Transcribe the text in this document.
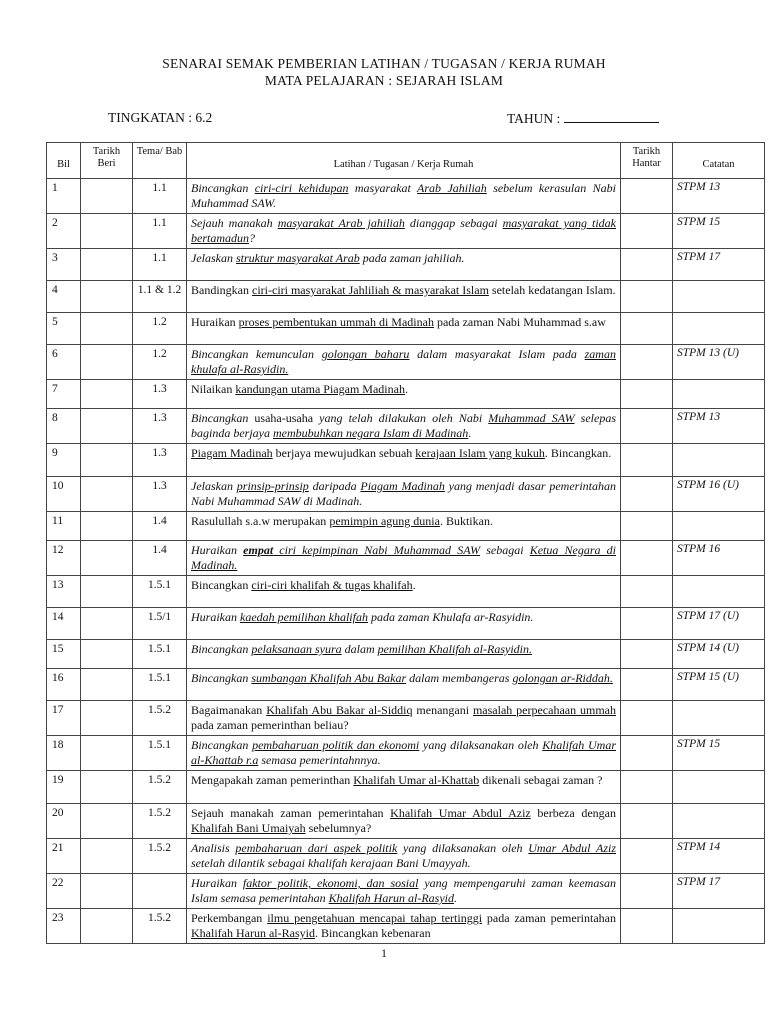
SENARAI SEMAK PEMBERIAN LATIHAN / TUGASAN / KERJA RUMAH
MATA PELAJARAN : SEJARAH ISLAM
TINGKATAN : 6.2	TAHUN :
Bil	Tarikh Beri	Tema/ Bab	Latihan / Tugasan / Kerja Rumah	Tarikh Hantar	Catatan
1		1.1	Bincangkan ciri-ciri kehidupan masyarakat Arab Jahiliah sebelum kerasulan Nabi Muhammad SAW.		STPM 13
2		1.1	Sejauh manakah masyarakat Arab jahiliah dianggap sebagai masyarakat yang tidak bertamadun?		STPM 15
3		1.1	Jelaskan struktur masyarakat Arab pada zaman jahiliah.		STPM 17
4		1.1 & 1.2	Bandingkan ciri-ciri masyarakat Jahliliah & masyarakat Islam setelah kedatangan Islam.		
5		1.2	Huraikan proses pembentukan ummah di Madinah pada zaman Nabi Muhammad s.aw		
6		1.2	Bincangkan kemunculan golongan baharu dalam masyarakat Islam pada zaman khulafa al-Rasyidin.		STPM 13 (U)
7		1.3	Nilaikan kandungan utama Piagam Madinah.		
8		1.3	Bincangkan usaha-usaha yang telah dilakukan oleh Nabi Muhammad SAW selepas baginda berjaya membubuhkan negara Islam di Madinah.		STPM 13
9		1.3	Piagam Madinah berjaya mewujudkan sebuah kerajaan Islam yang kukuh. Bincangkan.		
10		1.3	Jelaskan prinsip-prinsip daripada Piagam Madinah yang menjadi dasar pemerintahan Nabi Muhammad SAW di Madinah.		STPM 16 (U)
11		1.4	Rasulullah s.a.w merupakan pemimpin agung dunia. Buktikan.		
12		1.4	Huraikan empat ciri kepimpinan Nabi Muhammad SAW sebagai Ketua Negara di Madinah.		STPM 16
13		1.5.1	Bincangkan ciri-ciri khalifah & tugas khalifah.		
14		1.5/1	Huraikan kaedah pemilihan khalifah pada zaman Khulafa ar-Rasyidin.		STPM 17 (U)
15		1.5.1	Bincangkan pelaksanaan syura dalam pemilihan Khalifah al-Rasyidin.		STPM 14 (U)
16		1.5.1	Bincangkan sumbangan Khalifah Abu Bakar dalam membangeras golongan ar-Riddah.		STPM 15 (U)
17		1.5.2	Bagaimanakan Khalifah Abu Bakar al-Siddiq menangani masalah perpecahaan ummah pada zaman pemerinthan beliau?		
18		1.5.1	Bincangkan pembaharuan politik dan ekonomi yang dilaksanakan oleh Khalifah Umar al-Khattab r.a semasa pemerintahnnya.		STPM 15
19		1.5.2	Mengapakah zaman pemerinthan Khalifah Umar al-Khattab dikenali sebagai zaman ?		
20		1.5.2	Sejauh manakah zaman pemerintahan Khalifah Umar Abdul Aziz berbeza dengan Khalifah Bani Umaiyah sebelumnya?		
21		1.5.2	Analisis pembaharuan dari aspek politik yang dilaksanakan oleh Umar Abdul Aziz setelah dilantik sebagai khalifah kerajaan Bani Umayyah.		STPM 14
22			Huraikan faktor politik, ekonomi, dan sosial yang mempengaruhi zaman keemasan Islam semasa pemerintahan Khalifah Harun al-Rasyid.		STPM 17
23		1.5.2	Perkembangan ilmu pengetahuan mencapai tahap tertinggi pada zaman pemerintahan Khalifah Harun al-Rasyid. Bincangkan kebenaran		
1
